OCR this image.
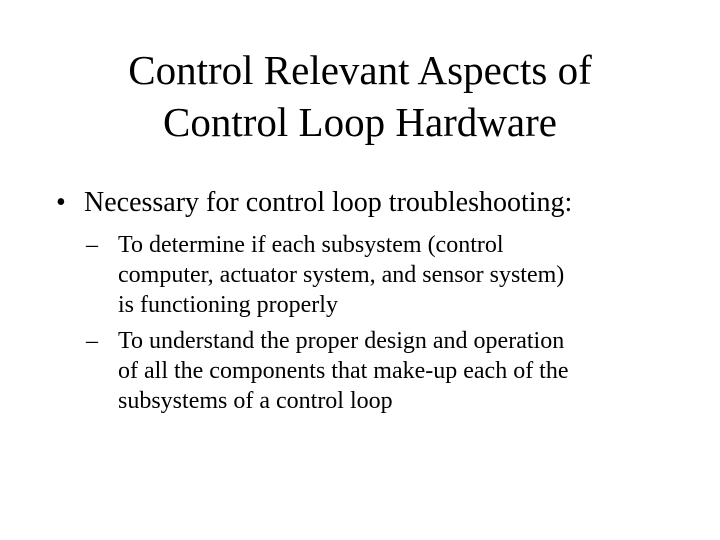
Control Relevant Aspects of
Control Loop Hardware
• Necessary for control loop troubleshooting:
– To determine if each subsystem (control
computer, actuator system, and sensor system)
is functioning properly
– To understand the proper design and operation
of all the components that make-up each of the
subsystems of a control loop
